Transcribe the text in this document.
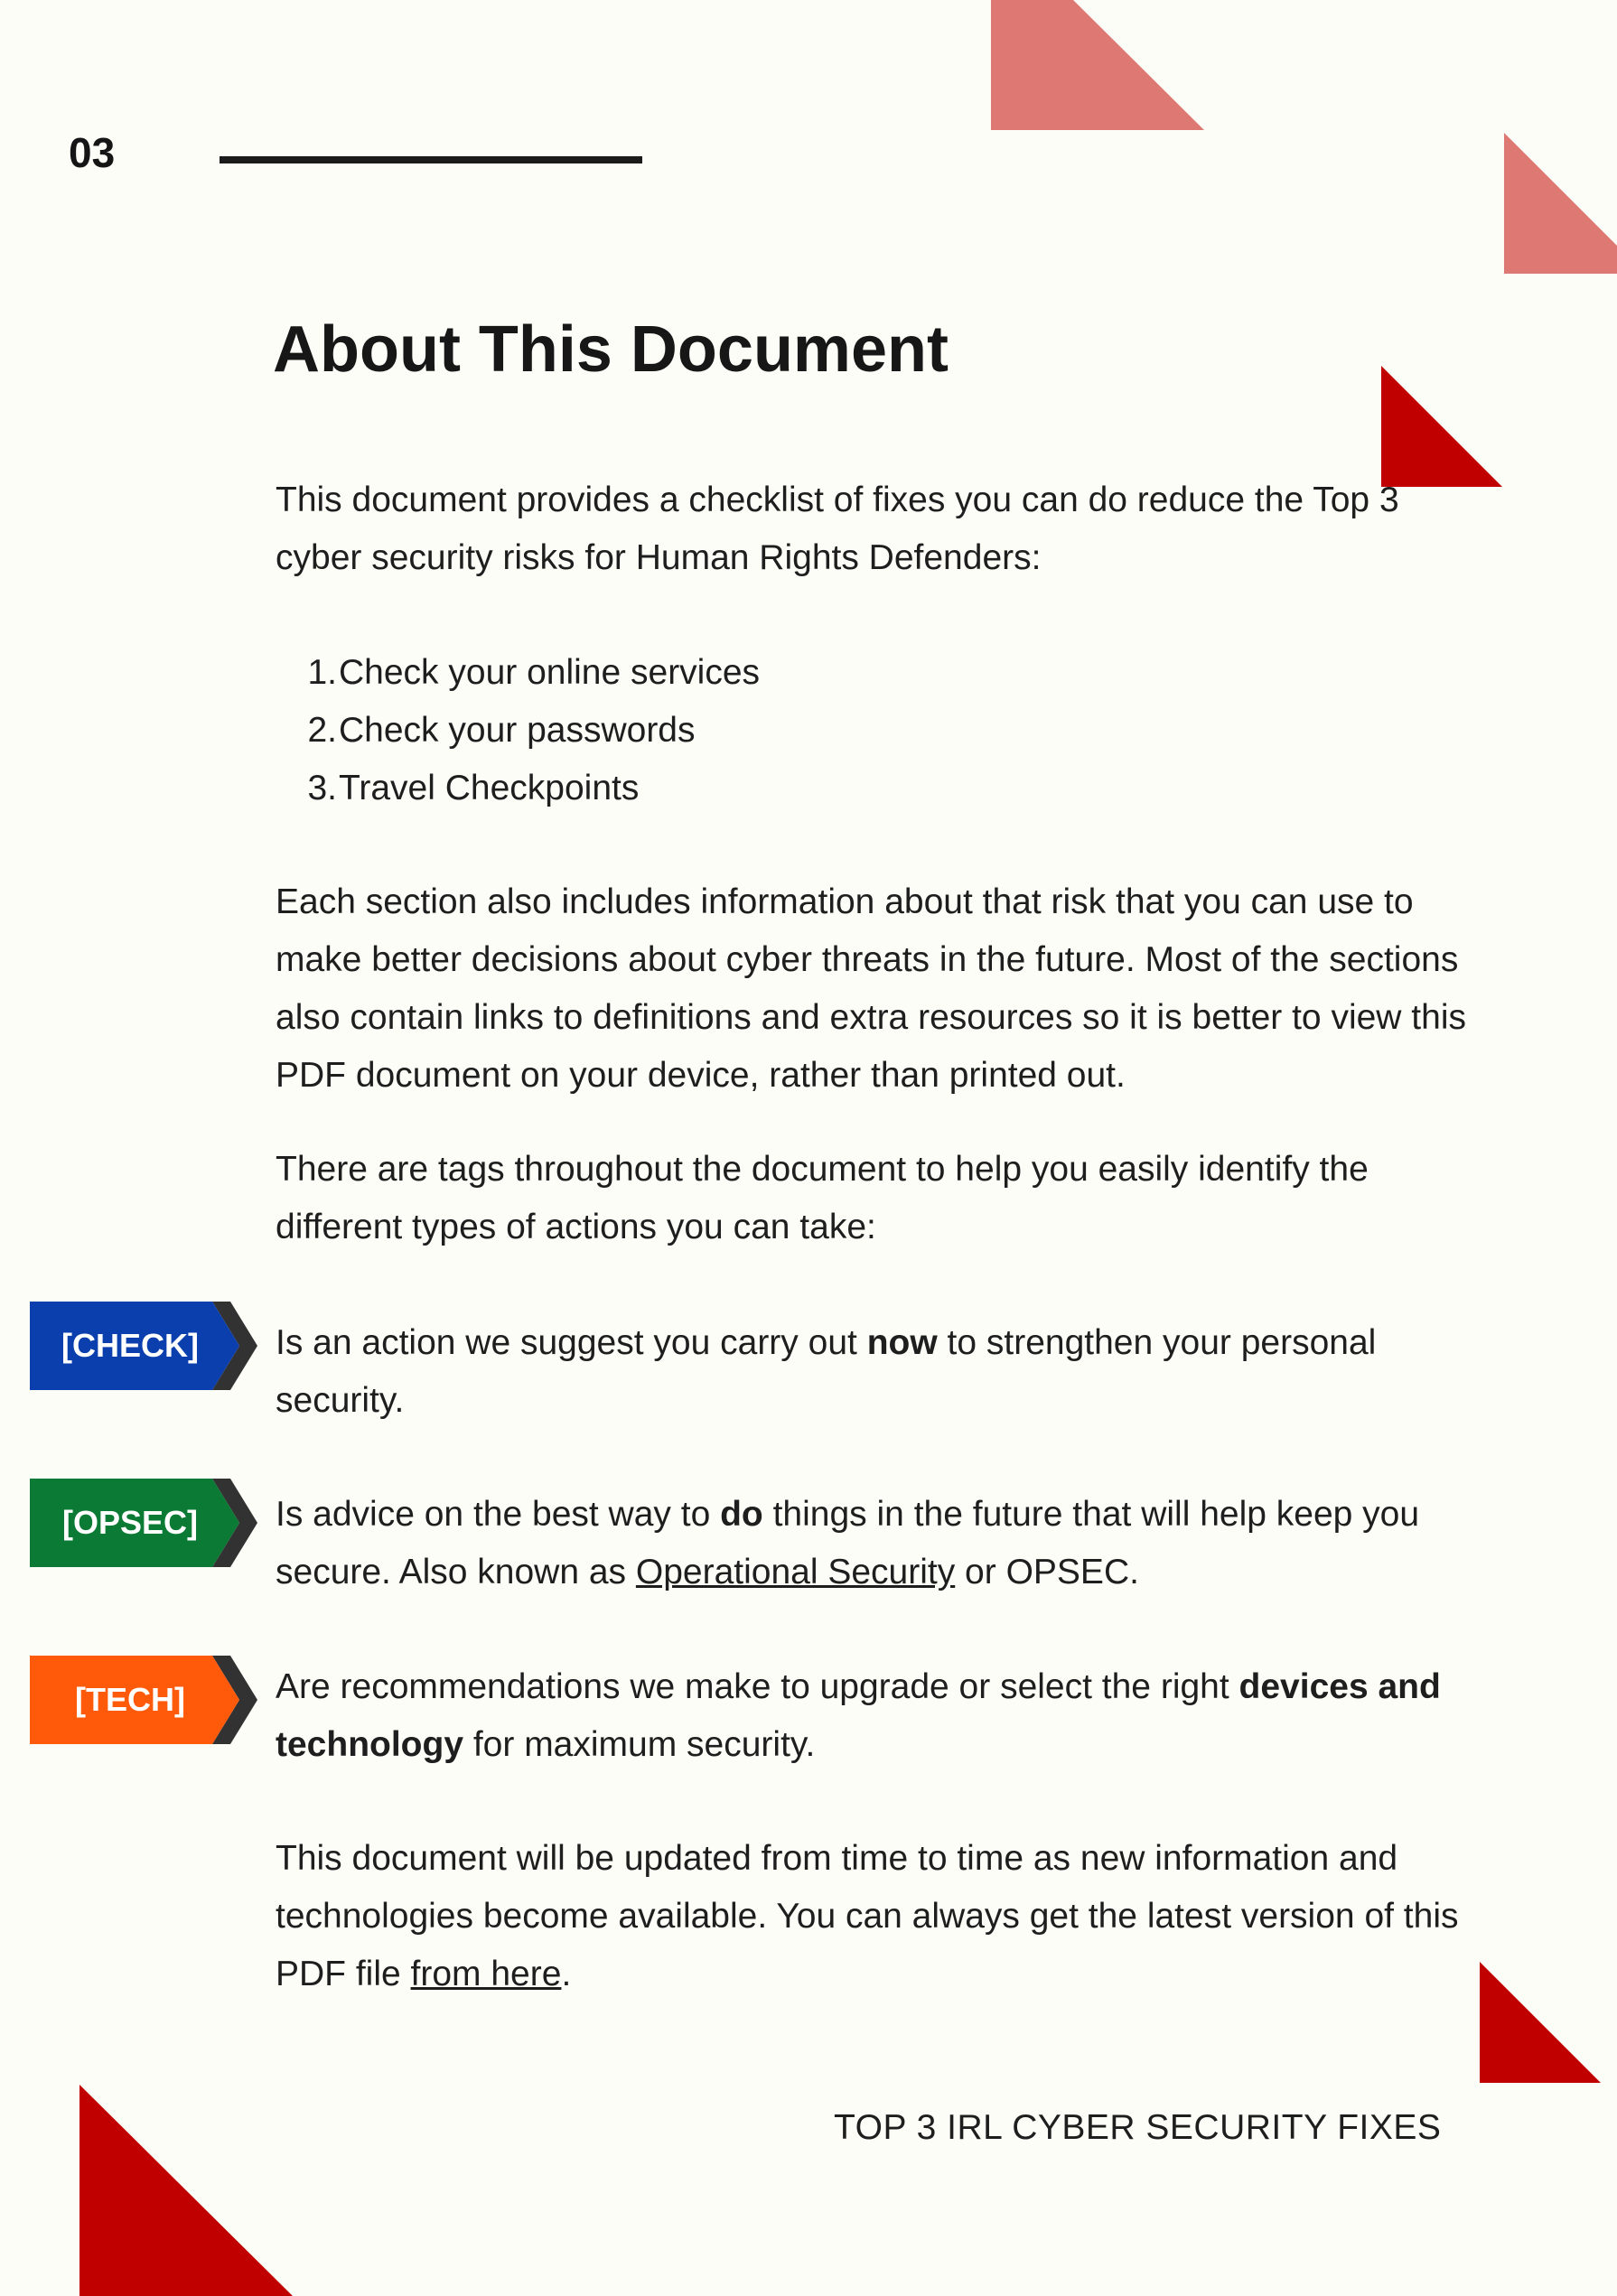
03
About This Document

This document provides a checklist of fixes you can do reduce the Top 3 cyber security risks for Human Rights Defenders:

1. Check your online services
2. Check your passwords
3. Travel Checkpoints

Each section also includes information about that risk that you can use to make better decisions about cyber threats in the future. Most of the sections also contain links to definitions and extra resources so it is better to view this PDF document on your device, rather than printed out.

There are tags throughout the document to help you easily identify the different types of actions you can take:

[CHECK]	Is an action we suggest you carry out now to strengthen your personal security.

[OPSEC]	Is advice on the best way to do things in the future that will help keep you secure. Also known as Operational Security or OPSEC.

[TECH]	Are recommendations we make to upgrade or select the right devices and technology for maximum security.

This document will be updated from time to time as new information and technologies become available. You can always get the latest version of this PDF file from here.

TOP 3 IRL CYBER SECURITY FIXES
